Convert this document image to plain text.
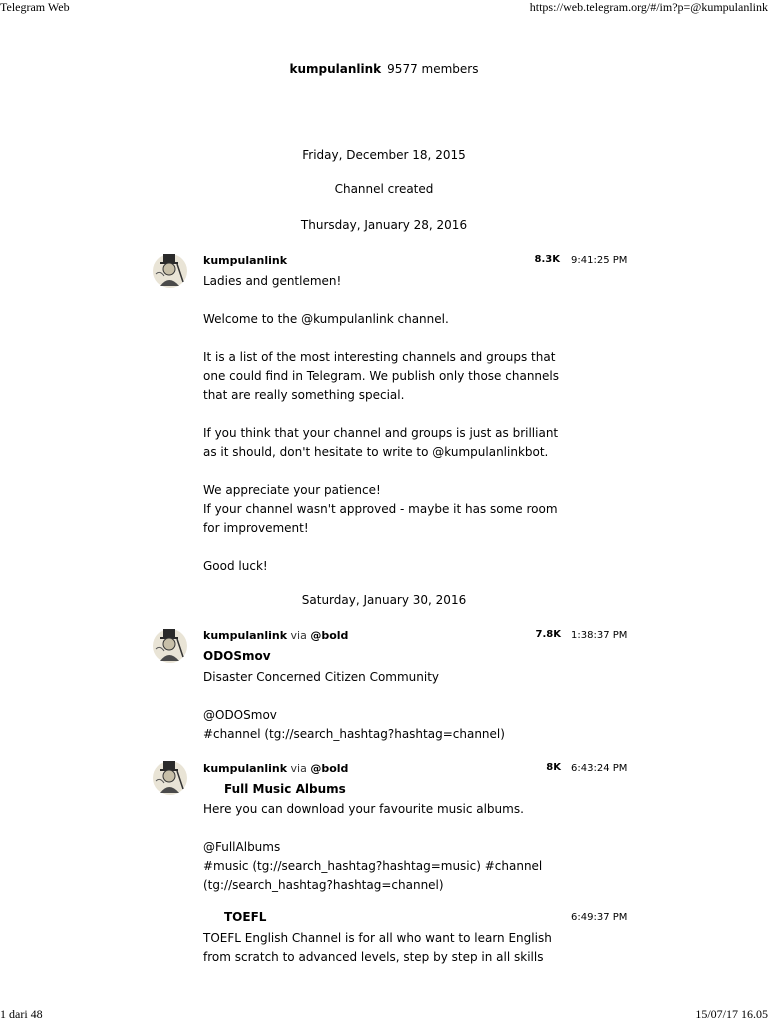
Telegram Web	https://web.telegram.org/#/im?p=@kumpulanlink
kumpulanlink 9577 members
Friday, December 18, 2015
Channel created
Thursday, January 28, 2016
kumpulanlink	8.3K 9:41:25 PM
Ladies and gentlemen!

Welcome to the @kumpulanlink channel.

It is a list of the most interesting channels and groups that one could find in Telegram. We publish only those channels that are really something special.

If you think that your channel and groups is just as brilliant as it should, don't hesitate to write to @kumpulanlinkbot.

We appreciate your patience!
If your channel wasn't approved - maybe it has some room for improvement!

Good luck!
Saturday, January 30, 2016
kumpulanlink via @bold	7.8K 1:38:37 PM
ODOSmov
Disaster Concerned Citizen Community

@ODOSmov
#channel (tg://search_hashtag?hashtag=channel)
kumpulanlink via @bold	8K 6:43:24 PM
Full Music Albums
Here you can download your favourite music albums.

@FullAlbums
#music (tg://search_hashtag?hashtag=music) #channel
(tg://search_hashtag?hashtag=channel)
6:49:37 PM
TOEFL
TOEFL English Channel is for all who want to learn English from scratch to advanced levels, step by step in all skills
1 dari 48	15/07/17 16.05
